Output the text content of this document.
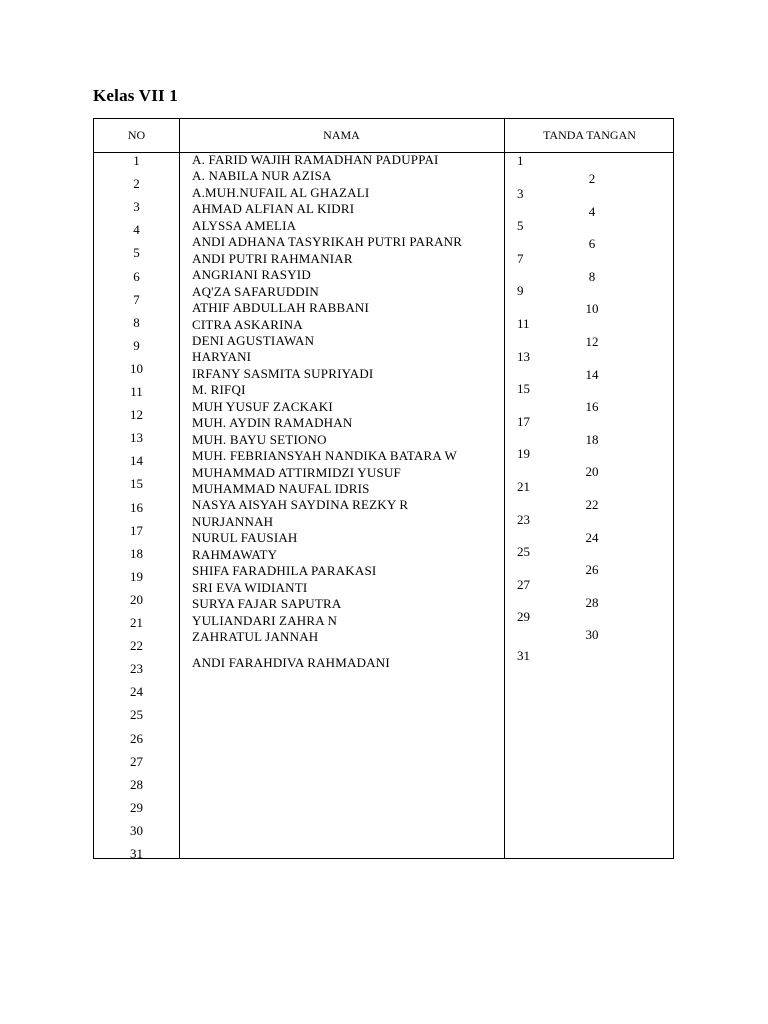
Kelas VII 1
NO	NAMA	TANDA TANGAN
1
2
3
4
5
6
7
8
9
10
11
12
13
14
15
16
17
18
19
20
21
22
23
24
25
26
27
28
29
30
31
A. FARID WAJIH RAMADHAN PADUPPAI
A. NABILA NUR AZISA
A.MUH.NUFAIL AL GHAZALI
AHMAD ALFIAN AL KIDRI
ALYSSA AMELIA
ANDI ADHANA TASYRIKAH PUTRI PARANR
ANDI PUTRI RAHMANIAR
ANGRIANI RASYID
AQ'ZA SAFARUDDIN
ATHIF ABDULLAH RABBANI
CITRA ASKARINA
DENI AGUSTIAWAN
HARYANI
IRFANY SASMITA SUPRIYADI
M. RIFQI
MUH YUSUF ZACKAKI
MUH. AYDIN RAMADHAN
MUH. BAYU SETIONO
MUH. FEBRIANSYAH NANDIKA BATARA W
MUHAMMAD ATTIRMIDZI YUSUF
MUHAMMAD NAUFAL IDRIS
NASYA AISYAH SAYDINA REZKY R
NURJANNAH
NURUL FAUSIAH
RAHMAWATY
SHIFA FARADHILA PARAKASI
SRI EVA WIDIANTI
SURYA FAJAR SAPUTRA
YULIANDARI ZAHRA N
ZAHRATUL JANNAH
ANDI FARAHDIVA RAHMADANI
1
2
3
4
5
6
7
8
9
10
11
12
13
14
15
16
17
18
19
20
21
22
23
24
25
26
27
28
29
30
31
